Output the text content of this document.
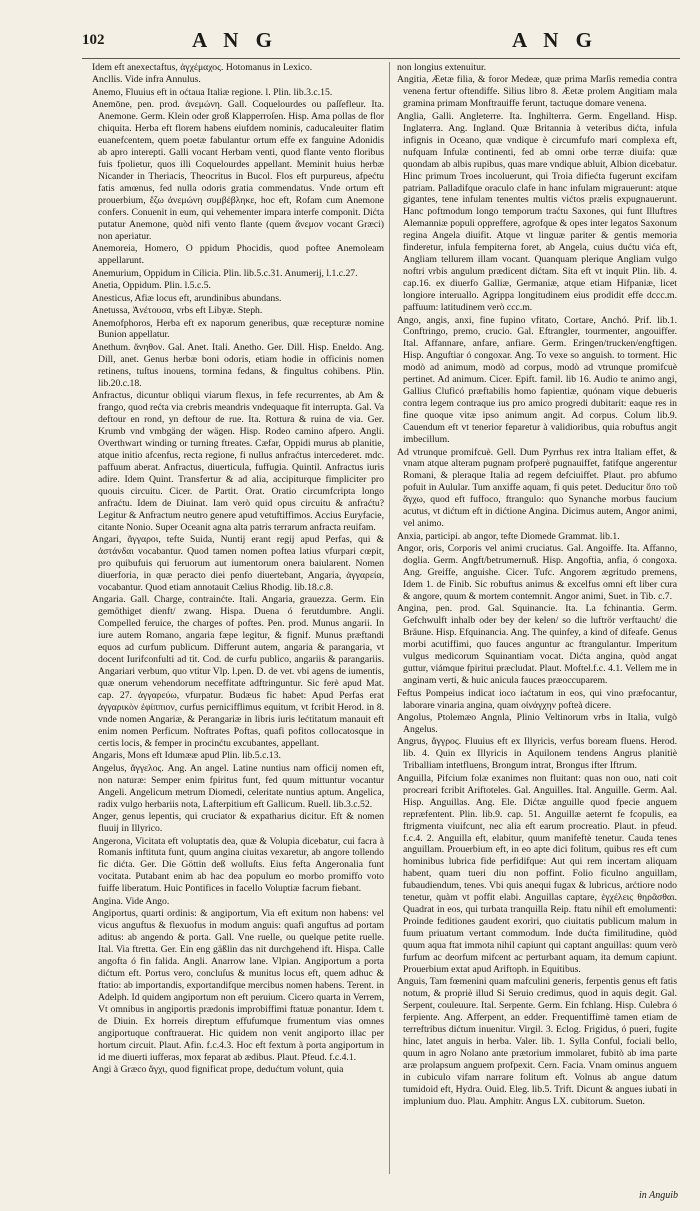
102	A N G	A N G

Idem eft anexectaftus, ἀγχέμαχος. Hotomanus in Lexico.

Ancllis. Vide infra Annulus.

Anemo, Fluuius eft in oćtaua Italiæ regione. l. Plin. lib.3.c.15.

Anemōne, pen. prod. ἀνεμώνη. Gall. Coquelourdes ou paſſefleur. Ita. Anemone. Germ. Klein oder groß Klapperroſen. Hisp. Ama pollas de flor chiquita. Herba eft florem habens eiufdem nominis, caducaleuiter flatim euanefcentem, quem poetæ fabulantur ortum effe ex fanguine Adonidis ab apro interepti. Galli vocant Herbam venti, quod flante vento floribus fuis fpolietur, quos illi Coquelourdes appellant. Meminit huius herbæ Nicander in Theriacis, Theocritus in Bucol. Flos eft purpureus, afpećtu fatis amœnus, fed nulla odoris gratia commendatus. Vnde ortum eft prouerbium, ἔζω ἀνεμώνη συμβέβληκε, hoc eft, Rofam cum Anemone confers. Conuenit in eum, qui vehementer impara interfe componit. Dićta putatur Anemone, quòd nifi vento flante (quem ἄνεμον vocant Græci) non aperiatur.

Anemoreia, Homero, O ppidum Phocidis, quod poftee Anemoleam appellarunt.

Anemurium, Oppidum in Cilicia. Plin. lib.5.c.31. Anumerij, l.1.c.27.

Anetia, Oppidum. Plin. l.5.c.5.

Anesticus, Afiæ locus eft, arundinibus abundans.

Anetussa, Ἀνέτουσα, vrbs eft Libyæ. Steph.

Anemofphoros, Herba eft ex naporum generibus, quæ recepturæ nomine Bunion appellatur.

Anethum. ἄνηθον. Gal. Anet. Itali. Anetho. Ger. Dill. Hisp. Eneldo. Ang. Dill, anet. Genus herbæ boni odoris, etiam hodie in officinis nomen retinens, tuſtus inouens, tormina fedans, & fingultus cohibens. Plin. lib.20.c.18.

Anfractus, dicuntur obliqui viarum flexus, in fefe recurrentes, ab Am & frango, quod rećta via crebris meandris vndequaque fit interrupta. Gal. Va deftour en rond, yn deftour de rue. Ita. Rottura & ruina de via. Ger. Krumb vnd vmbgäng der wägen. Hisp. Rodeo camino afpero. Angli. Overthwart winding or turning ftreates. Cæfar, Oppidi murus ab planitie, atque initio afcenfus, recta regione, fi nullus anfraćtus intercederet. mdc. paffuum aberat. Anfractus, diuerticula, fuffugia. Quintil. Anfractus iuris adire. Idem Quint. Transfertur & ad alia, accipiturque fimpliciter pro quouis circuitu. Cicer. de Partit. Orat. Oratio circumfcripta longo anfraćtu. Idem de Diuinat. Iam verò quid opus circuitu & anfraćtu? Legitur & Anfractum neutro genere apud vetuftiffimos. Accius Euryfacie, citante Nonio. Super Oceanit agna alta patris terrarum anfracta reuifam.

Angari, ἄγγαροι, tefte Suida, Nuntij erant regij apud Perfas, qui & ἀστάνδαι vocabantur. Quod tamen nomen poftea latius vfurpari cœpit, pro quibufuis qui feruorum aut iumentorum onera baiularent. Nomen diuerforia, in quæ peracto diei penfo diuertebant, Angaria, ἀγγαρεία, vocabantur. Quod etiam annotauit Cælius Rhodig. lib.18.c.8.

Angaria. Gall. Charge, contrainćte. Itali. Angaria, grauezza. Germ. Ein gemöthiget dienft/ zwang. Hispa. Duena ó ferutdumbre. Angli. Compelled feruice, the charges of poftes. Pen. prod. Munus angarii. In iure autem Romano, angaria fæpe legitur, & fignif. Munus præftandi equos ad curfum publicum. Differunt autem, angaria & parangaria, vt docent Iurifconfulti ad tit. Cod. de curfu publico, angariis & parangariis. Angariari verbum, quo vtitur Vlp. l.pen. D. de vet. vbi agens de iumentis, quæ onerum vehendorum neceffitate adftringuntur. Sic ferè apud Mat. cap. 27. ἀγγαρεύω, vfurpatur. Budæus fic habet: Apud Perfas erat ἀγγαρικὸν ἐφίππιον, curfus pernicifflimus equitum, vt fcribit Herod. in 8. vnde nomen Angariæ, & Perangariæ in libris iuris lećtitatum manauit eft enim nomen Perficum. Noftrates Poftas, quafi pofitos collocatosque in certis locis, & femper in procinćtu excubantes, appellant.

Angaris, Mons eft Idumææ apud Plin. lib.5.c.13.

Angelus, ἄγγελος. Ang. An angel. Latine nuntius nam officij nomen eft, non naturæ: Semper enim fpiritus funt, fed quum mittuntur vocantur Angeli. Angelicum metrum Diomedi, celeritate nuntius aptum. Angelica, radix vulgo herbariis nota, Lafterpitium eft Gallicum. Ruell. lib.3.c.52.

Anger, genus lepentis, qui cruciator & expatharius dicitur. Eft & nomen fluuij in Illyrico.

Angerona, Vicitata eft voluptatis dea, quæ & Volupia dicebatur, cui facra à Romanis inftituta funt, quum angina ciuitas vexaretur, ab angore tollendo fic dićta. Ger. Die Göttin deß wolluſts. Eius fefta Angeronalia funt vocitata. Putabant enim ab hac dea populum eo morbo promiffo voto fuiffe liberatum. Huic Pontifices in facello Voluptiæ facrum fiebant.

Angina. Vide Ango.

Angiportus, quarti ordinis: & angiportum, Via eft exitum non habens: vel vicus anguftus & flexuofus in modum anguis: quafi anguftus ad portam aditus: ab angendo & porta. Gall. Vne ruelle, ou quelque petite ruelle. Ital. Via ftretta. Ger. Ein eng gäßlin das nit durchgehend ift. Hispa. Calle angofta ó fin falida. Angli. Anarrow lane. Vlpian. Angiportum a porta dićtum eft. Portus vero, concluſus & munitus locus eft, quem adhuc & ftatio: ab importandis, exportandifque mercibus nomen habens. Terent. in Adelph. Id quidem angiportum non eft peruium. Cicero quarta in Verrem, Vt omnibus in angiportis prædonis improbiffimi ftatuæ ponantur. Idem t. de Diuin. Ex horreis direptum effufumque frumentum vias omnes angiportuque conftrauerat. Hic quidem non venit angiporto illac per hortum circuit. Plaut. Afin. f.c.4.3. Hoc eft fextum à porta angiportum in id me diuerti iufferas, mox feparat ab ædibus. Plaut. Pfeud. f.c.4.1.

Angi à Græco ἄγχι, quod fignificat prope, dedućtum volunt, quia

non longius extenuitur.

Angitia, Æetæ filia, & foror Medeæ, quæ prima Marſis remedia contra venena fertur oftendiffe. Silius libro 8. Æetæ prolem Angitiam mala gramina primam Monftrauiffe ferunt, tactuque domare venena.

Anglia, Galli. Angleterre. Ita. Inghilterra. Germ. Engelland. Hisp. Inglaterra. Ang. Ingland. Quæ Britannia à veteribus dićta, infula infignis in Oceano, quæ vndique è circumfufo mari complexa eft, nufquam Infulæ continenti, fed ab omni orbe terræ diuifa: quæ quondam ab albis rupibus, quas mare vndique abluit, Albion dicebatur. Hinc primum Troes incoluerunt, qui Troia difiećta fugerunt excifam patriam. Palladifque oraculo clafe in hanc infulam migrauerunt: atque gigantes, tene infulam tenentes multis vićtos prælis expugnauerunt. Hanc poftmodum longo temporum traćtu Saxones, qui funt Illuftres Alemanniæ populi oppreffere, agrofque & opes inter legatos Saxonum regina Angela diuifit. Atque vt linguæ pariter & gentis memoria finderetur, infula fempiterna foret, ab Angela, cuius dućtu vića eft, Angliam tellurem illam vocant. Quanquam plerique Angliam vulgo noftri vrbis angulum prædicent dićtam. Sita eft vt inquit Plin. lib. 4. cap.16. ex diuerfo Galliæ, Germaniæ, atque etiam Hifpaniæ, licet longiore interuallo. Agrippa longitudinem eius prodidit effe dccc.m. paffuum: latitudinem verò ccc.m.

Ango, angis, anxi, fine fupino vfitato, Cortare, Anchó. Prif. lib.1. Conftringo, premo, crucio. Gal. Eftrangler, tourmenter, angouiffer. Ital. Affannare, anfare, anfiare. Germ. Eringen/trucken/engftigen. Hisp. Anguftiar ó congoxar. Ang. To vexe so anguish. to torment. Hic modò ad animum, modò ad corpus, modò ad vtrunque promifcuè pertinet. Ad animum. Cicer. Epift. famil. lib 16. Audio te animo angi, Gallius Cluficó præftabilis homo fapientiæ, quónam vique debueris contra legem contraque ius pro amico progredi dubitarit: eaque res in fine quoque vitæ ipso animum angit. Ad corpus. Colum lib.9. Cauendum eft vt tenerior feparetur à validioribus, quia robuftus angit imbecillum.

Ad vtrunque promifcuè. Gell. Dum Pyrrhus rex intra Italiam effet, & vnam atque alteram pugnam profperè pugnauiffet, fatifque angerentur Romani, & pleraque Italia ad regem defciuiffet. Plaut. pro abfumo pofuit in Aulular. Tum anxiffe aquam, fi quis petet. Deducitur ὅπο τοῦ ἄγχω, quod eft fuffoco, ftrangulo: quo Synanche morbus faucium acutus, vt dićtum eft in dićtione Angina. Dicimus autem, Angor animi, vel animo.

Anxia, participi. ab angor, tefte Diomede Grammat. lib.1.

Angor, oris, Corporis vel animi cruciatus. Gal. Angoiffe. Ita. Affanno, doglia. Germ. Angft/betrumernuß. Hisp. Angoftia, anfia, ó congoxa. Ang. Greiffe, anguishe. Cicer. Tufc. Angorem ægritudo premens, Idem 1. de Finib. Sic robuftus animus & excelfus omni eft liber cura & angore, quum & mortem contemnit. Angor animi, Suet. in Tib. c.7.

Angina, pen. prod. Gal. Squinancie. Ita. La fchinantia. Germ. Gefchwulft inhalb oder bey der kelen/ so die luftrör verftaucht/ die Bräune. Hisp. Efquinancia. Ang. The quinfey, a kind of difeafe. Genus morbi acutiffimi, quo fauces anguntur ac ftrangulantur. Imperitum vulgus medicorum Squinantiam vocat. Dićta angina, quòd angat guttur, viámque fpiritui præcludat. Plaut. Moftel.f.c. 4.1. Vellem me in anginam verti, & huic anicula fauces præoccuparem.

Feftus Pompeius indicat ioco iaćtatum in eos, qui vino præfocantur, laborare vinaria angina, quam οἰνάγχην pofteà dicere.

Angolus, Ptolemæo Angnla, Plinio Veltinorum vrbs in Italia, vulgò Angelus.

Angrus, ἄγγρος. Fluuius eft ex Illyricis, verfus boream fluens. Herod. lib. 4. Quin ex Illyricis in Aquilonem tendens Angrus planitiè Triballiam intetfluens, Brongum intrat, Brongus ifter Iftrum.

Anguilla, Pifcium folæ exanimes non fluitant: quas non ouo, nati coit procreari fcribit Ariftoteles. Gal. Anguilles. Ital. Anguille. Germ. Aal. Hisp. Anguillas. Ang. Ele. Dićtæ anguille quod fpecie anguem repræfentent. Plin. lib.9. cap. 51. Anguillæ aeternt fe fcopulis, ea ftrigmenta viuifcunt, nec alia eft earum procreatio. Plaut. in pfeud. f.c.4. 2. Anguilla eft, elabitur, quum manifeftè tenetur. Cauda tenes anguillam. Prouerbium eft, in eo apte dici folitum, quibus res eft cum hominibus lubrica fide perfidifque: Aut qui rem incertam aliquam habent, quam tueri diu non poffint. Folio ficulno anguillam, fubaudiendum, tenes. Vbi quis anequi fugax & lubricus, arćtiore nodo tenetur, quàm vt poffit elabi. Anguillas captare, ἐγχέλεις θηρᾶσθαι. Quadrat in eos, qui turbata tranquilla Reip. ftatu nihil eft emolumenti: Proinde feditiones gaudent exoriri, quo ciuitatis publicum malum in fuum priuatum vertant commodum. Inde dućta fimilitudine, quòd quum aqua ftat immota nihil capiunt qui captant anguillas: quum verò furfum ac deorfum mifcent ac perturbant aquam, ita demum capiunt. Prouerbium extat apud Ariftoph. in Equitibus.

Anguis, Tam fœmenini quam mafculini generis, ferpentis genus eft fatis notum, & propriè illud Si Seruio credimus, quod in aquis degit. Gal. Serpent, couleuure. Ital. Serpente. Germ. Ein fchlang. Hisp. Culebra ó ferpiente. Ang. Afferpent, an edder. Frequentiffimè tamen etiam de terreftribus dićtum inuenitur. Virgil. 3. Eclog. Frigidus, ó pueri, fugite hinc, latet anguis in herba. Valer. lib. 1. Sylla Conful, fociali bello, quum in agro Nolano ante prætorium immolaret, fubitò ab ima parte aræ prolapsum anguem profpexit. Cern. Facia. Vnam ominus anguem in cubiculo vifam narrare folitum eft. Volnus ab angue datum tumidoid eft, Hydra. Ouid. Eleg. lib.5. Trift. Dicunt & angues iubati in implunium duo. Plau. Amphitr. Angus LX. cubitorum. Sueton.

in Anguib
